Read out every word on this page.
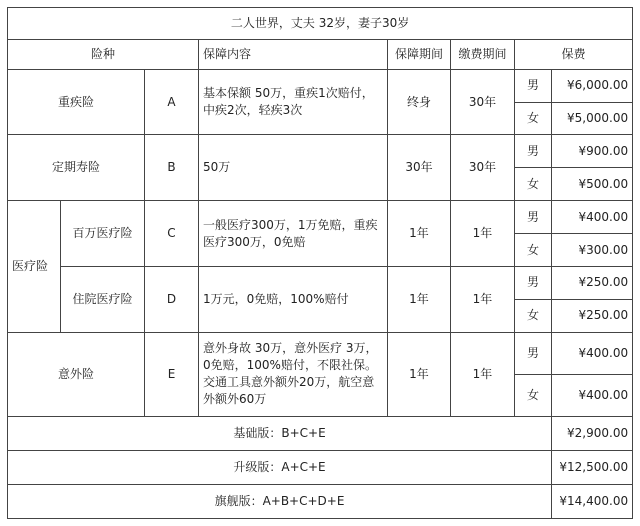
二人世界，丈夫 32岁，妻子30岁							
险种			保障内容	保障期间	缴费期间	保费	
重疾险		A	基本保额 50万，重疾1次赔付，中疾2次，轻疾3次	终身	30年	男	¥6,000.00
						女	¥5,000.00
定期寿险		B	50万	30年	30年	男	¥900.00
						女	¥500.00
医疗险	百万医疗险	C	一般医疗300万，1万免赔，重疾医疗300万，0免赔	1年	1年	男	¥400.00
						女	¥300.00
	住院医疗险	D	1万元，0免赔，100%赔付	1年	1年	男	¥250.00
						女	¥250.00
意外险		E	意外身故 30万，意外医疗 3万，0免赔，100%赔付，不限社保。交通工具意外额外20万，航空意外额外60万	1年	1年	男	¥400.00
						女	¥400.00
基础版：B+C+E							¥2,900.00
升级版：A+C+E							¥12,500.00
旗舰版：A+B+C+D+E							¥14,400.00
